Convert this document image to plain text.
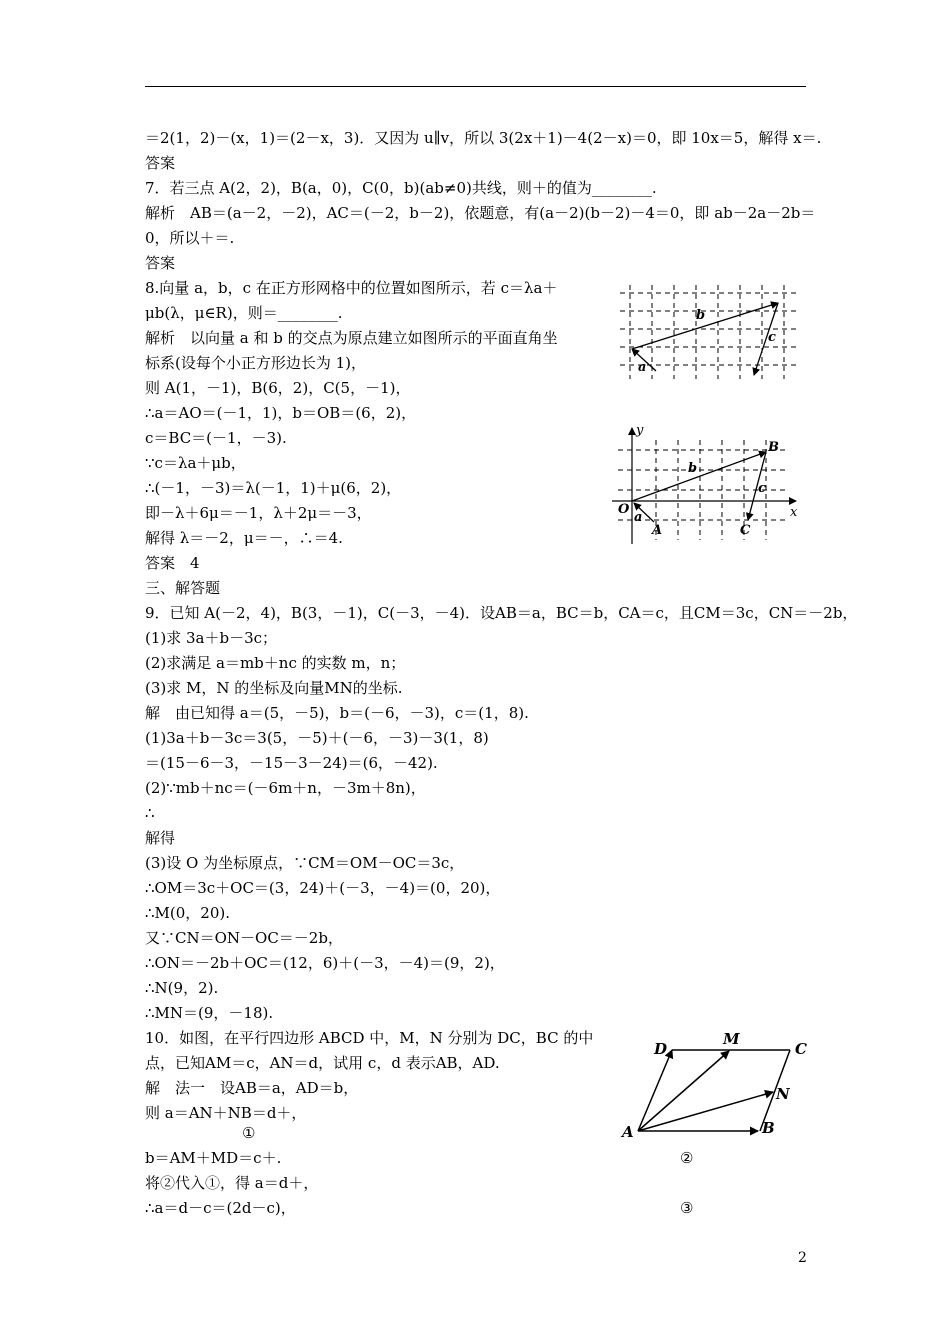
＝2(1，2)－(x，1)＝(2－x，3)．又因为 u∥v，所以 3(2x＋1)－4(2－x)＝0，即 10x＝5，解得 x＝.
答案
7．若三点 A(2，2)，B(a，0)，C(0，b)(ab≠0)共线，则＋的值为________.
解析　AB＝(a－2，－2)，AC＝(－2，b－2)，依题意，有(a－2)(b－2)－4＝0，即 ab－2a－2b＝
0，所以＋＝.
答案
8.向量 a，b，c 在正方形网格中的位置如图所示，若 c＝λa＋
μb(λ，μ∈R)，则＝________.
解析　以向量 a 和 b 的交点为原点建立如图所示的平面直角坐
标系(设每个小正方形边长为 1)，
则 A(1，－1)，B(6，2)，C(5，－1)，
∴a＝AO＝(－1，1)，b＝OB＝(6，2)，
c＝BC＝(－1，－3).
∵c＝λa＋μb，
∴(－1，－3)＝λ(－1，1)＋μ(6，2)，
即－λ＋6μ＝－1，λ＋2μ＝－3，
解得 λ＝－2，μ＝－，∴＝4.
答案　4
三、解答题
9．已知 A(－2，4)，B(3，－1)，C(－3，－4)．设AB＝a，BC＝b，CA＝c，且CM＝3c，CN＝－2b，
(1)求 3a＋b－3c；
(2)求满足 a＝mb＋nc 的实数 m，n；
(3)求 M，N 的坐标及向量MN的坐标.
解　由已知得 a＝(5，－5)，b＝(－6，－3)，c＝(1，8).
(1)3a＋b－3c＝3(5，－5)＋(－6，－3)－3(1，8)
＝(15－6－3，－15－3－24)＝(6，－42).
(2)∵mb＋nc＝(－6m＋n，－3m＋8n)，
∴
解得
(3)设 O 为坐标原点，∵CM＝OM－OC＝3c，
∴OM＝3c＋OC＝(3，24)＋(－3，－4)＝(0，20)，
∴M(0，20).
又∵CN＝ON－OC＝－2b，
∴ON＝－2b＋OC＝(12，6)＋(－3，－4)＝(9，2)，
∴N(9，2).
∴MN＝(9，－18).
10．如图，在平行四边形 ABCD 中，M，N 分别为 DC，BC 的中
点，已知AM＝c，AN＝d，试用 c，d 表示AB，AD.
解　法一　设AB＝a，AD＝b，
则 a＝AN＋NB＝d＋，
b＝AM＋MD＝c＋.
将②代入①，得 a＝d＋，
∴a＝d－c＝(2d－c)，
①
②
③
a
b
c
y
x
O
A
B
C
a
b
c
D
M
C
N
A	B
2
